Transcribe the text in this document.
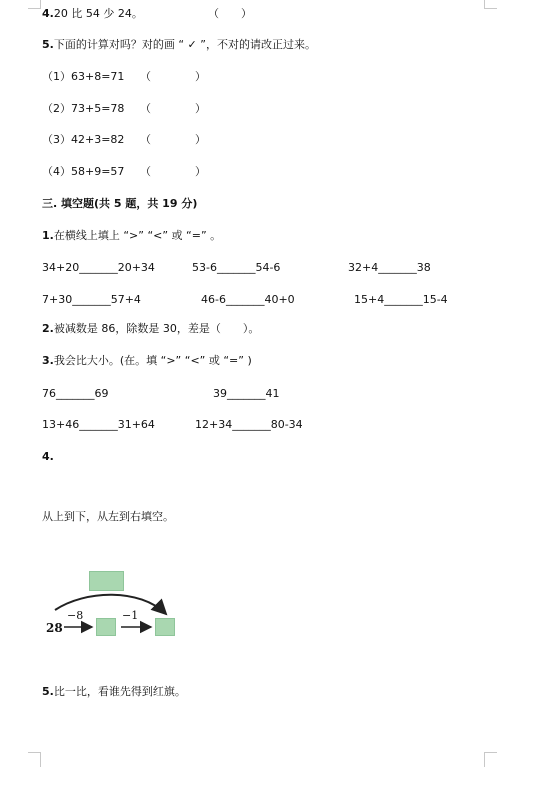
4.20 比 54 少 24。	（　　）
5.下面的计算对吗？对的画 “ ✓ ”，不对的请改正过来。
（1）63+8=71 （　　　　）
（2）73+5=78 （　　　　）
（3）42+3=82 （　　　　）
（4）58+9=57 （　　　　）
三. 填空题(共 5 题，共 19 分)
1.在横线上填上 “>” “<” 或 “=” 。
34+20_______20+34	53-6_______54-6	32+4_______38
7+30_______57+4	46-6_______40+0	15+4_______15-4
2.被减数是 86，除数是 30，差是（　　）。
3.我会比大小。(在。填 “>” “<” 或 “=” )
76_______69	39_______41
13+46_______31+64	12+34_______80-34
4.
从上到下，从左到右填空。
28
−8	−1
5.比一比，看谁先得到红旗。
